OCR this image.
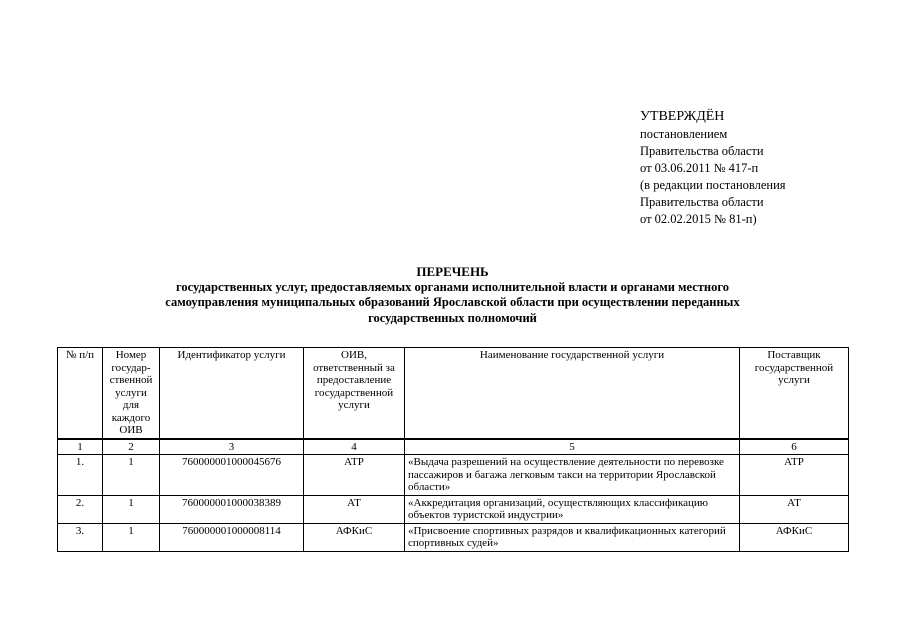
УТВЕРЖДЁН
постановлением
Правительства области
от 03.06.2011 № 417-п
(в редакции постановления
Правительства области
от 02.02.2015 № 81-п)
ПЕРЕЧЕНЬ
государственных услуг, предоставляемых органами исполнительной власти и органами местного
самоуправления муниципальных образований Ярославской области при осуществлении переданных
государственных полномочий
№ п/п	Номер государ-ственной услуги для каждого ОИВ	Идентификатор услуги	ОИВ, ответственный за предоставление государственной услуги	Наименование государственной услуги	Поставщик государственной услуги
1	2	3	4	5	6
1.	1	760000001000045676	АТР	«Выдача разрешений на осуществление деятельности по перевозке пассажиров и багажа легковым такси на территории Ярославской области»	АТР
2.	1	760000001000038389	АТ	«Аккредитация организаций, осуществляющих классификацию объектов туристской индустрии»	АТ
3.	1	760000001000008114	АФКиС	«Присвоение спортивных разрядов и квалификационных категорий спортивных судей»	АФКиС
